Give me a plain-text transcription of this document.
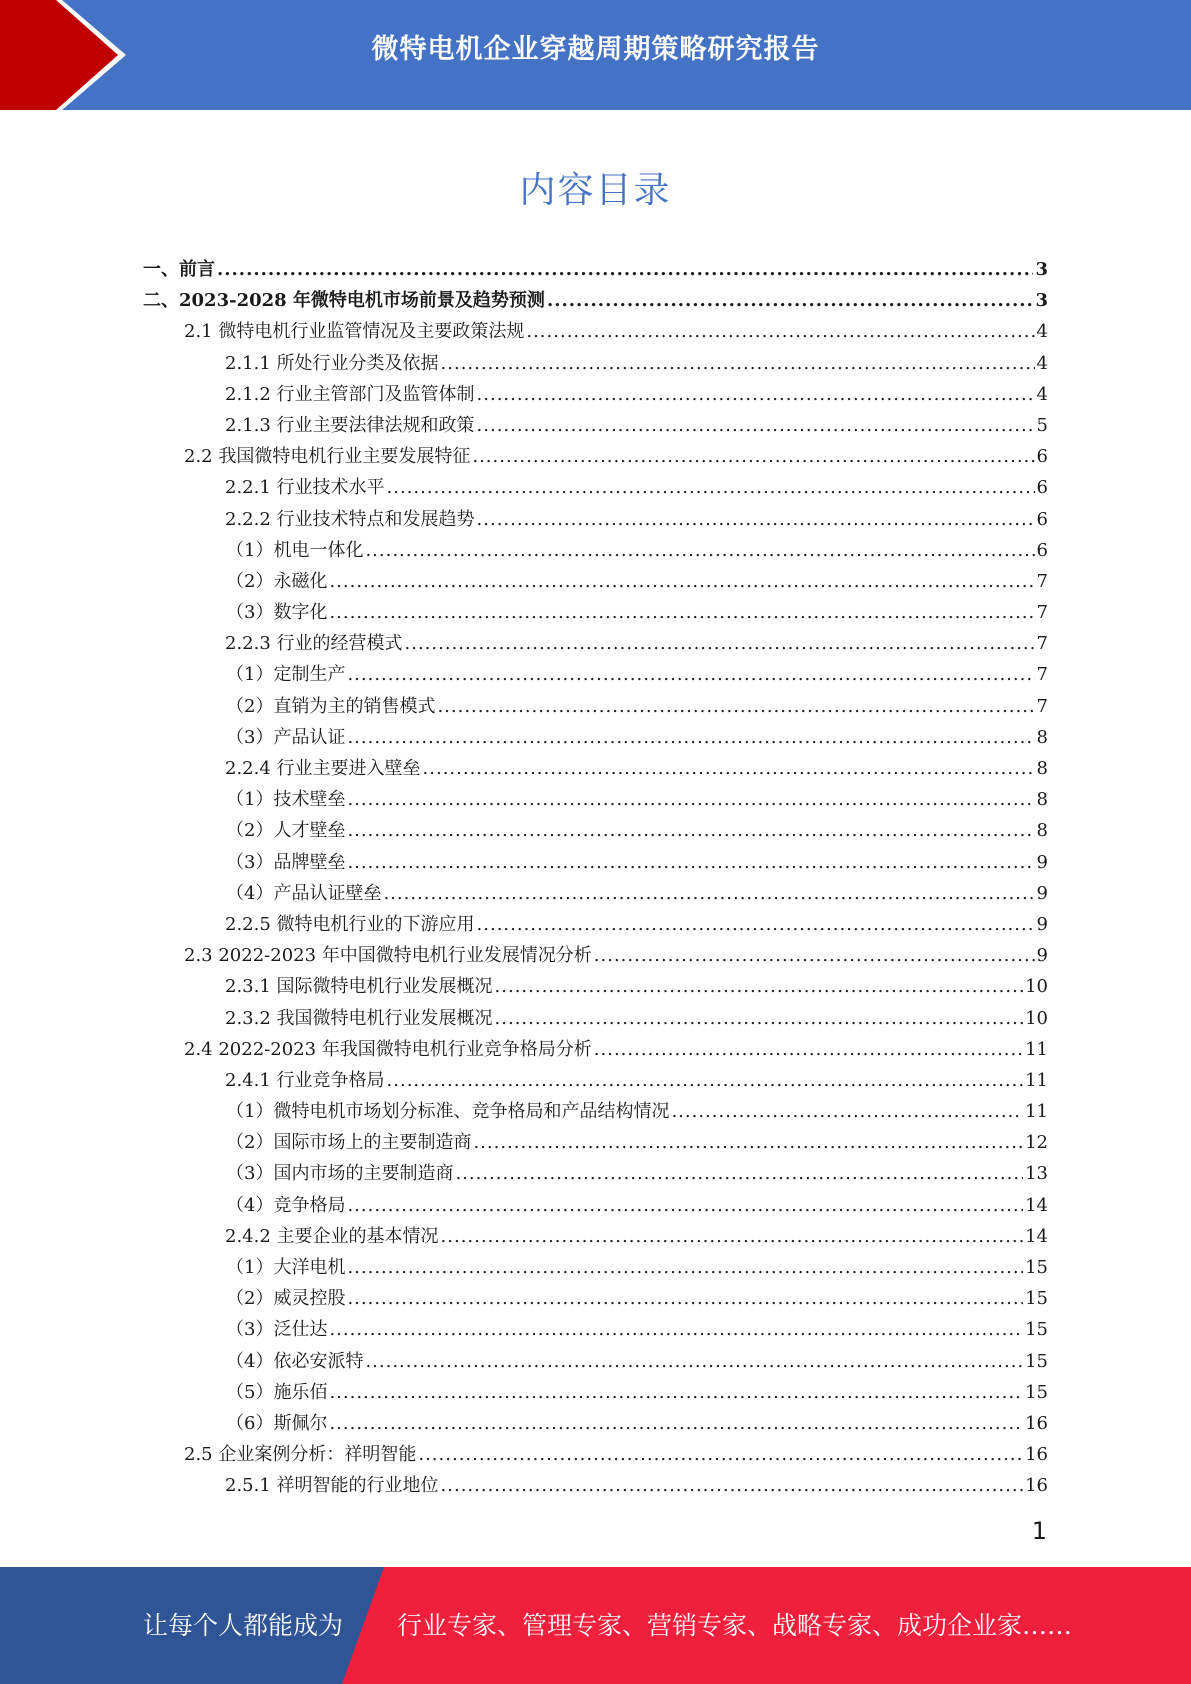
微特电机企业穿越周期策略研究报告
内容目录
一、前言 .....	3
二、2023-2028 年微特电机市场前景及趋势预测 .....	3
2.1 微特电机行业监管情况及主要政策法规 .....	4
2.1.1 所处行业分类及依据 .....	4
2.1.2 行业主管部门及监管体制 .....	4
2.1.3 行业主要法律法规和政策 .....	5
2.2 我国微特电机行业主要发展特征 .....	6
2.2.1 行业技术水平 .....	6
2.2.2 行业技术特点和发展趋势 .....	6
（1）机电一体化 .....	6
（2）永磁化 .....	7
（3）数字化 .....	7
2.2.3 行业的经营模式 .....	7
（1）定制生产 .....	7
（2）直销为主的销售模式 .....	7
（3）产品认证 .....	8
2.2.4 行业主要进入壁垒 .....	8
（1）技术壁垒 .....	8
（2）人才壁垒 .....	8
（3）品牌壁垒 .....	9
（4）产品认证壁垒 .....	9
2.2.5 微特电机行业的下游应用 .....	9
2.3 2022-2023 年中国微特电机行业发展情况分析 .....	9
2.3.1 国际微特电机行业发展概况 .....	10
2.3.2 我国微特电机行业发展概况 .....	10
2.4 2022-2023 年我国微特电机行业竞争格局分析 .....	11
2.4.1 行业竞争格局 .....	11
（1）微特电机市场划分标准、竞争格局和产品结构情况 .....	11
（2）国际市场上的主要制造商 .....	12
（3）国内市场的主要制造商 .....	13
（4）竞争格局 .....	14
2.4.2 主要企业的基本情况 .....	14
（1）大洋电机 .....	15
（2）威灵控股 .....	15
（3）泛仕达 .....	15
（4）依必安派特 .....	15
（5）施乐佰 .....	15
（6）斯佩尔 .....	16
2.5 企业案例分析：祥明智能 .....	16
2.5.1 祥明智能的行业地位 .....	16
1
让每个人都能成为 行业专家、管理专家、营销专家、战略专家、成功企业家……
